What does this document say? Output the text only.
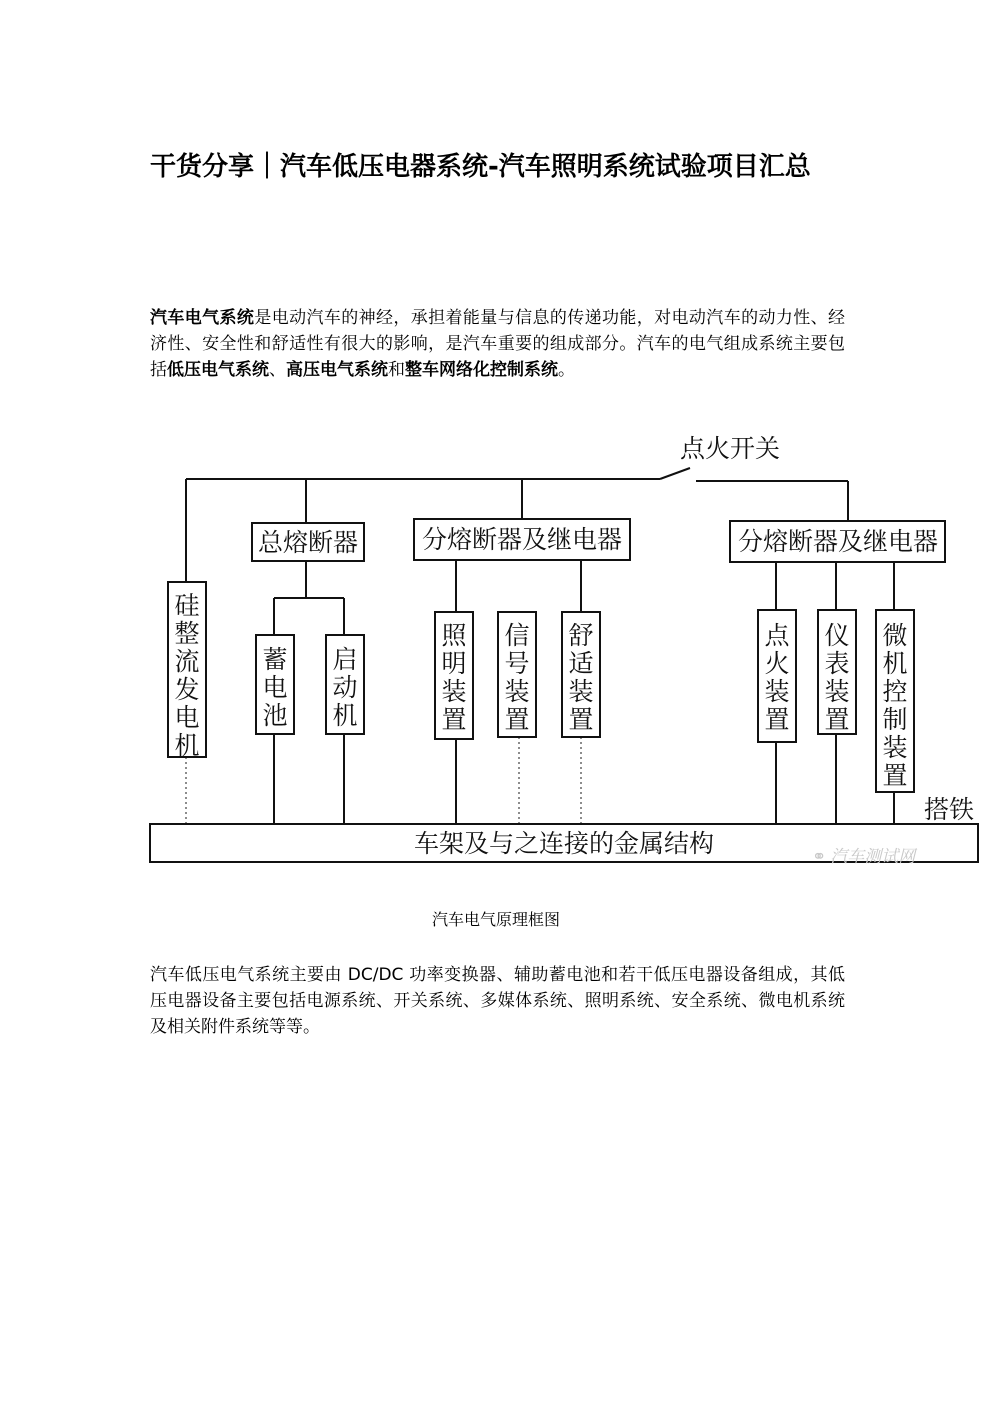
干货分享｜汽车低压电器系统-汽车照明系统试验项目汇总

汽车电气系统是电动汽车的神经，承担着能量与信息的传递功能，对电动汽车的动力性、经济性、安全性和舒适性有很大的影响，是汽车重要的组成部分。汽车的电气组成系统主要包括低压电气系统、高压电气系统和整车网络化控制系统。

点火开关
总熔断器	分熔断器及继电器	分熔断器及继电器
搭铁
车架及与之连接的金属结构
硅整流发电机
蓄电池
启动机
照明装置
信号装置
舒适装置
点火装置
仪表装置
微机控制装置
⚭ 汽车测试网
汽车电气原理框图

汽车低压电气系统主要由 DC/DC 功率变换器、辅助蓄电池和若干低压电器设备组成，其低压电器设备主要包括电源系统、开关系统、多媒体系统、照明系统、安全系统、微电机系统及相关附件系统等等。
